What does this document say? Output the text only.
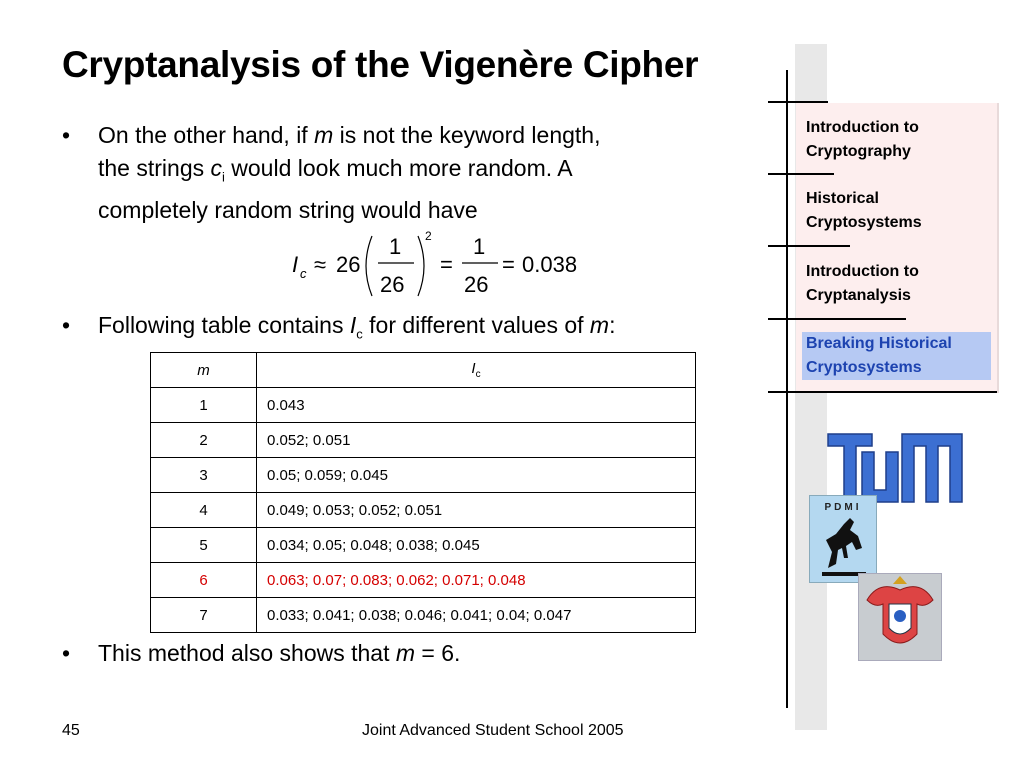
Introduction to
Cryptography
Historical
Cryptosystems
Introduction to
Cryptanalysis
Breaking Historical
Cryptosystems
Cryptanalysis of the Vigenère Cipher
• On the other hand, if m is not the keyword length,
the strings $c_i$ would look much more random. A
completely random string would have
I c ≈ 26
1
26
2
=
1
26
= 0.038
• Following table contains $I_c$ for different values of m:
m	$I_c$
1	0.043
2	0.052; 0.051
3	0.05; 0.059; 0.045
4	0.049; 0.053; 0.052; 0.051
5	0.034; 0.05; 0.048; 0.038; 0.045
6	0.063; 0.07; 0.083; 0.062; 0.071; 0.048
7	0.033; 0.041; 0.038; 0.046; 0.041; 0.04; 0.047
• This method also shows that m = 6.
PDMI
45	Joint Advanced Student School 2005
